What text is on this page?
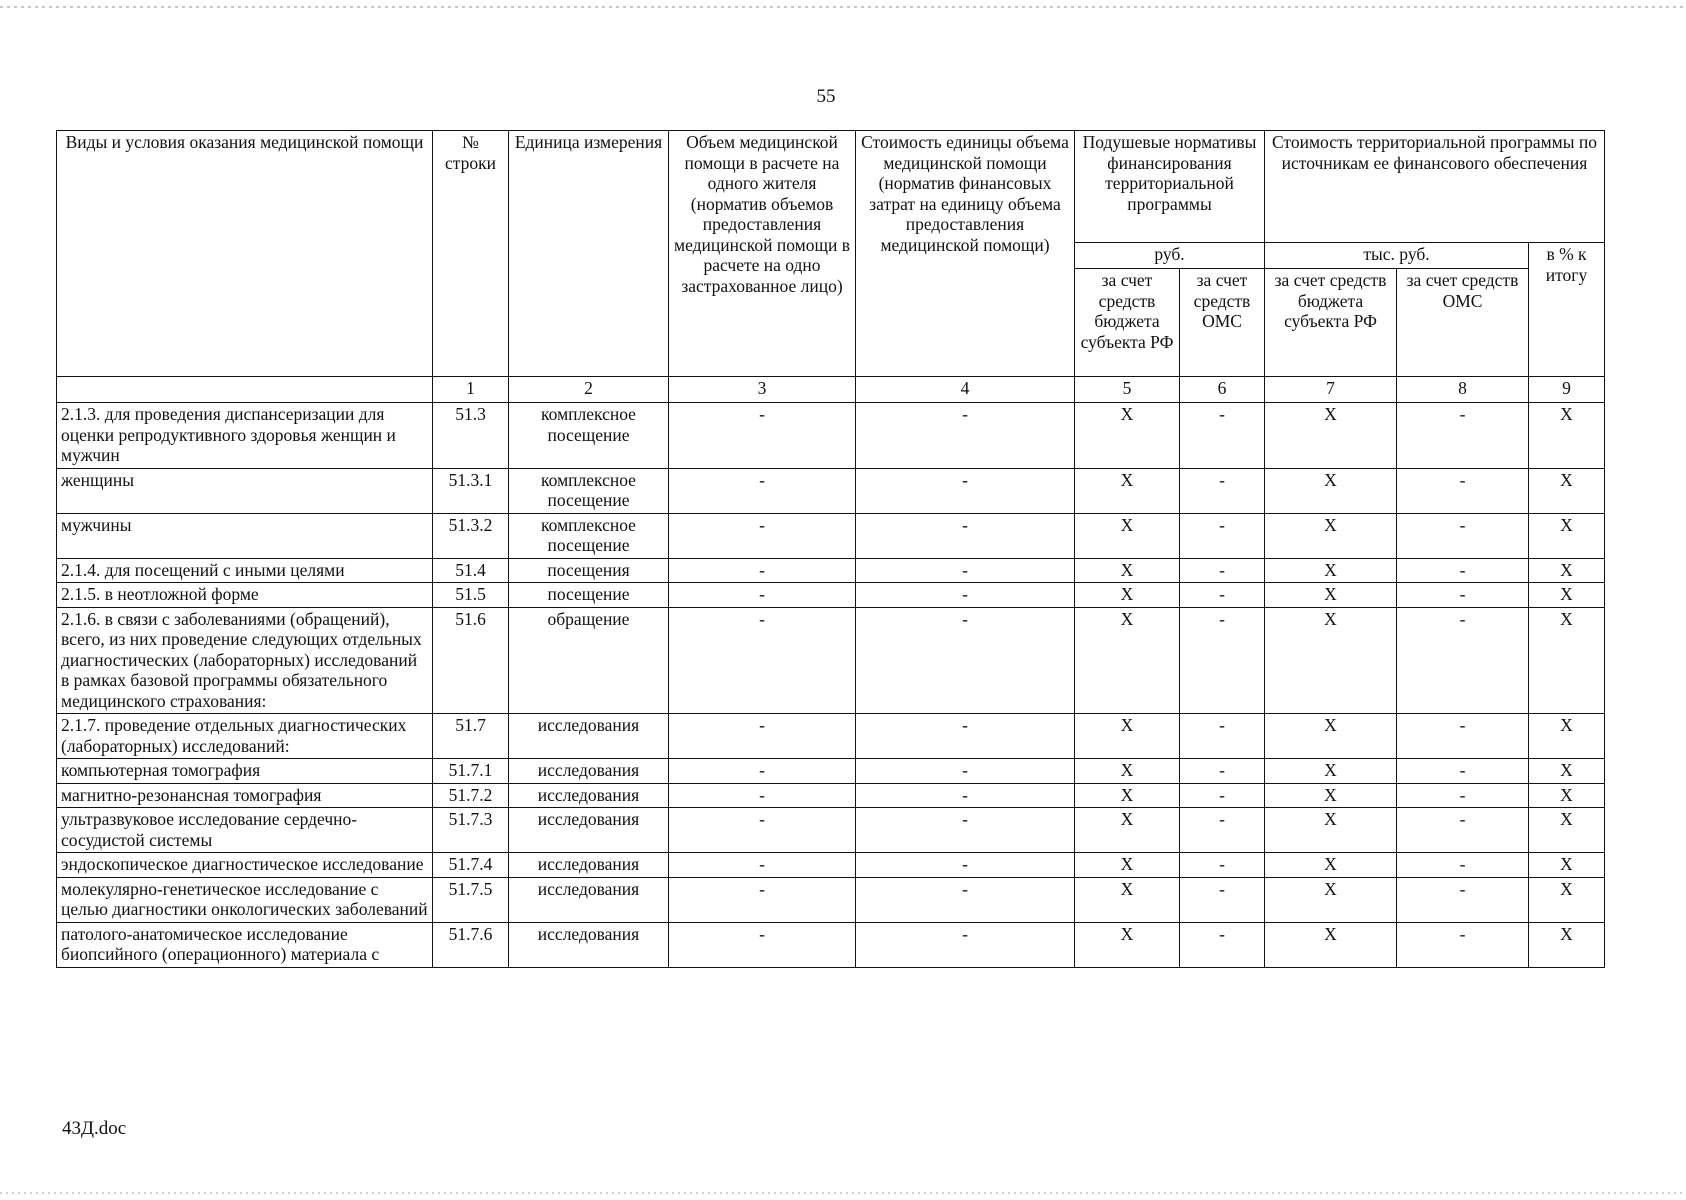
55
Виды и условия оказания медицинской помощи	№ строки	Единица измерения	Объем медицинской помощи в расчете на одного жителя (норматив объемов предоставления медицинской помощи в расчете на одно застрахованное лицо)	Стоимость единицы объема медицинской помощи (норматив финансовых затрат на единицу объема предоставления медицинской помощи)	Подушевые нормативы финансирования территориальной программы		Стоимость территориальной программы по источникам ее финансового обеспечения		
					руб.		тыс. руб.		в % к итогу
					за счет средств бюджета субъекта РФ	за счет средств ОМС	за счет средств бюджета субъекта РФ	за счет средств ОМС	
	1	2	3	4	5	6	7	8	9
2.1.3. для проведения диспансеризации для оценки репродуктивного здоровья женщин и мужчин	51.3	комплексное посещение	-	-	X	-	X	-	X
женщины	51.3.1	комплексное посещение	-	-	X	-	X	-	X
мужчины	51.3.2	комплексное посещение	-	-	X	-	X	-	X
2.1.4. для посещений с иными целями	51.4	посещения	-	-	X	-	X	-	X
2.1.5. в неотложной форме	51.5	посещение	-	-	X	-	X	-	X
2.1.6. в связи с заболеваниями (обращений), всего, из них проведение следующих отдельных диагностических (лабораторных) исследований в рамках базовой программы обязательного медицинского страхования:	51.6	обращение	-	-	X	-	X	-	X
2.1.7. проведение отдельных диагностических (лабораторных) исследований:	51.7	исследования	-	-	X	-	X	-	X
компьютерная томография	51.7.1	исследования	-	-	X	-	X	-	X
магнитно-резонансная томография	51.7.2	исследования	-	-	X	-	X	-	X
ультразвуковое исследование сердечно-сосудистой системы	51.7.3	исследования	-	-	X	-	X	-	X
эндоскопическое диагностическое исследование	51.7.4	исследования	-	-	X	-	X	-	X
молекулярно-генетическое исследование с целью диагностики онкологических заболеваний	51.7.5	исследования	-	-	X	-	X	-	X
патолого-анатомическое исследование биопсийного (операционного) материала с	51.7.6	исследования	-	-	X	-	X	-	X
43Д.doc
